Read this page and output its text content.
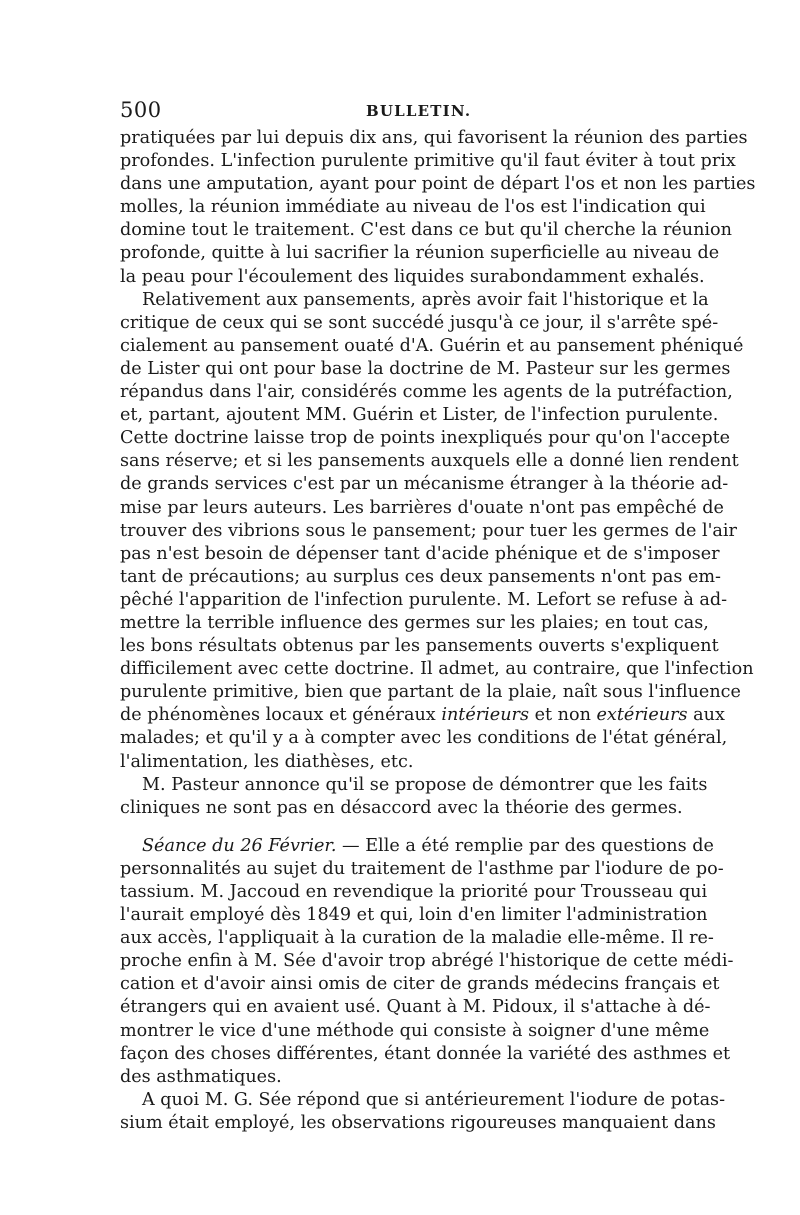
500	BULLETIN.
pratiquées par lui depuis dix ans, qui favorisent la réunion des parties
profondes. L'infection purulente primitive qu'il faut éviter à tout prix
dans une amputation, ayant pour point de départ l'os et non les parties
molles, la réunion immédiate au niveau de l'os est l'indication qui
domine tout le traitement. C'est dans ce but qu'il cherche la réunion
profonde, quitte à lui sacrifier la réunion superficielle au niveau de
la peau pour l'écoulement des liquides surabondamment exhalés.
Relativement aux pansements, après avoir fait l'historique et la
critique de ceux qui se sont succédé jusqu'à ce jour, il s'arrête spé-
cialement au pansement ouaté d'A. Guérin et au pansement phéniqué
de Lister qui ont pour base la doctrine de M. Pasteur sur les germes
répandus dans l'air, considérés comme les agents de la putréfaction,
et, partant, ajoutent MM. Guérin et Lister, de l'infection purulente.
Cette doctrine laisse trop de points inexpliqués pour qu'on l'accepte
sans réserve; et si les pansements auxquels elle a donné lien rendent
de grands services c'est par un mécanisme étranger à la théorie ad-
mise par leurs auteurs. Les barrières d'ouate n'ont pas empêché de
trouver des vibrions sous le pansement; pour tuer les germes de l'air
pas n'est besoin de dépenser tant d'acide phénique et de s'imposer
tant de précautions; au surplus ces deux pansements n'ont pas em-
pêché l'apparition de l'infection purulente. M. Lefort se refuse à ad-
mettre la terrible influence des germes sur les plaies; en tout cas,
les bons résultats obtenus par les pansements ouverts s'expliquent
difficilement avec cette doctrine. Il admet, au contraire, que l'infection
purulente primitive, bien que partant de la plaie, naît sous l'influence
de phénomènes locaux et généraux intérieurs et non extérieurs aux
malades; et qu'il y a à compter avec les conditions de l'état général,
l'alimentation, les diathèses, etc.
M. Pasteur annonce qu'il se propose de démontrer que les faits
cliniques ne sont pas en désaccord avec la théorie des germes.
Séance du 26 Février. — Elle a été remplie par des questions de
personnalités au sujet du traitement de l'asthme par l'iodure de po-
tassium. M. Jaccoud en revendique la priorité pour Trousseau qui
l'aurait employé dès 1849 et qui, loin d'en limiter l'administration
aux accès, l'appliquait à la curation de la maladie elle-même. Il re-
proche enfin à M. Sée d'avoir trop abrégé l'historique de cette médi-
cation et d'avoir ainsi omis de citer de grands médecins français et
étrangers qui en avaient usé. Quant à M. Pidoux, il s'attache à dé-
montrer le vice d'une méthode qui consiste à soigner d'une même
façon des choses différentes, étant donnée la variété des asthmes et
des asthmatiques.
A quoi M. G. Sée répond que si antérieurement l'iodure de potas-
sium était employé, les observations rigoureuses manquaient dans
